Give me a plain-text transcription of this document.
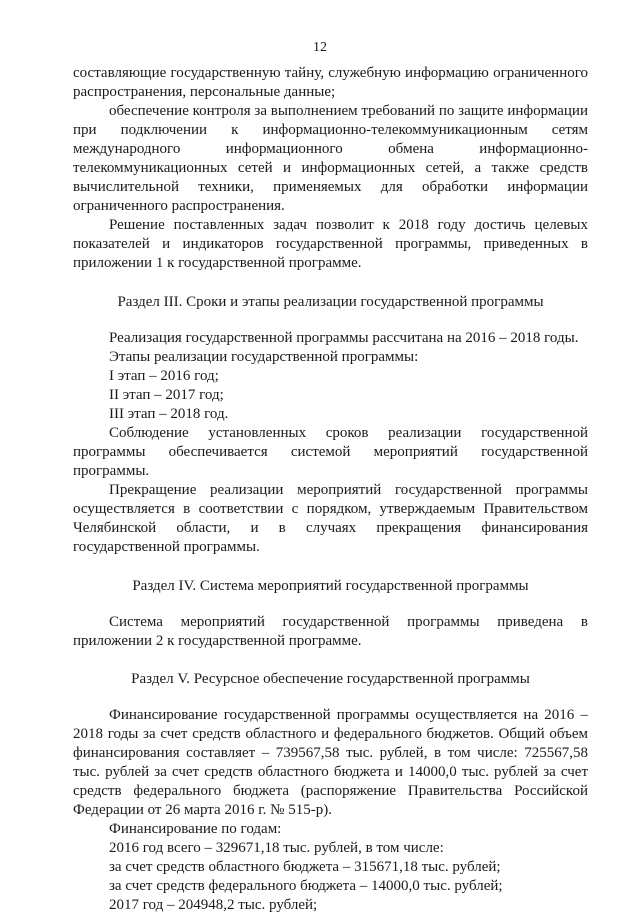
12

составляющие государственную тайну, служебную информацию ограниченного распространения, персональные данные;

обеспечение контроля за выполнением требований по защите информации при подключении к информационно-телекоммуникационным сетям международного информационного обмена информационно-телекоммуникационных сетей и информационных сетей, а также средств вычислительной техники, применяемых для обработки информации ограниченного распространения.

Решение поставленных задач позволит к 2018 году достичь целевых показателей и индикаторов государственной программы, приведенных в приложении 1 к государственной программе.

Раздел III. Сроки и этапы реализации государственной программы

Реализация государственной программы рассчитана на 2016 – 2018 годы.

Этапы реализации государственной программы:

I этап – 2016 год;

II этап – 2017 год;

III этап – 2018 год.

Соблюдение установленных сроков реализации государственной программы обеспечивается системой мероприятий государственной программы.

Прекращение реализации мероприятий государственной программы осуществляется в соответствии с порядком, утверждаемым Правительством Челябинской области, и в случаях прекращения финансирования государственной программы.

Раздел IV. Система мероприятий государственной программы

Система мероприятий государственной программы приведена в приложении 2 к государственной программе.

Раздел V. Ресурсное обеспечение государственной программы

Финансирование государственной программы осуществляется на 2016 – 2018 годы за счет средств областного и федерального бюджетов. Общий объем финансирования составляет – 739567,58 тыс. рублей, в том числе: 725567,58 тыс. рублей за счет средств областного бюджета и 14000,0 тыс. рублей за счет средств федерального бюджета (распоряжение Правительства Российской Федерации от 26 марта 2016 г. № 515-р).

Финансирование по годам:

2016 год всего – 329671,18 тыс. рублей, в том числе:

за счет средств областного бюджета – 315671,18 тыс. рублей;

за счет средств федерального бюджета – 14000,0 тыс. рублей;

2017 год – 204948,2 тыс. рублей;
